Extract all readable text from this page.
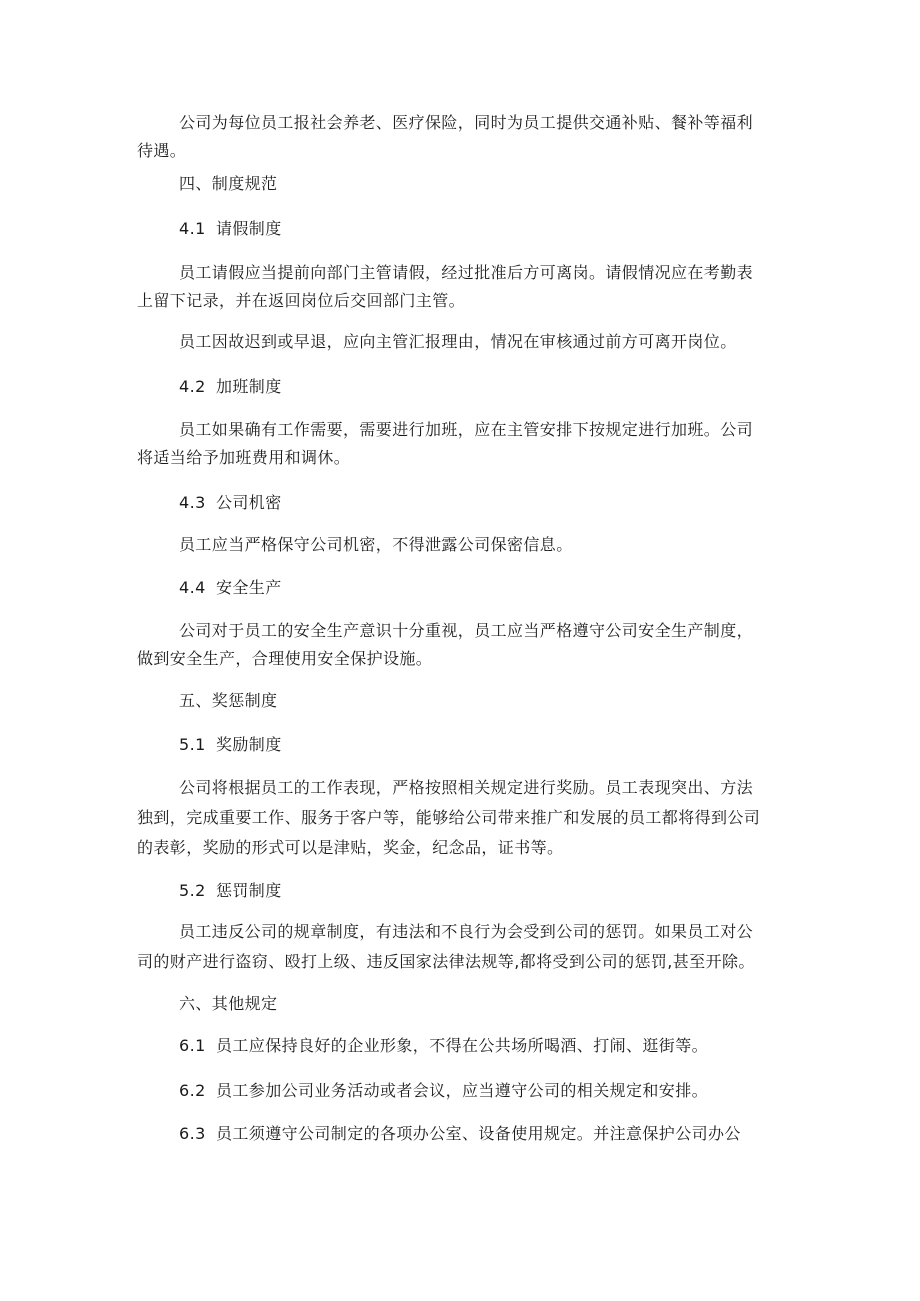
公司为每位员工报社会养老、医疗保险，同时为员工提供交通补贴、餐补等福利
待遇。

四、制度规范

4.1 请假制度

员工请假应当提前向部门主管请假，经过批准后方可离岗。请假情况应在考勤表
上留下记录，并在返回岗位后交回部门主管。

员工因故迟到或早退，应向主管汇报理由，情况在审核通过前方可离开岗位。

4.2 加班制度

员工如果确有工作需要，需要进行加班，应在主管安排下按规定进行加班。公司
将适当给予加班费用和调休。

4.3 公司机密

员工应当严格保守公司机密，不得泄露公司保密信息。

4.4 安全生产

公司对于员工的安全生产意识十分重视，员工应当严格遵守公司安全生产制度，
做到安全生产，合理使用安全保护设施。

五、奖惩制度

5.1 奖励制度

公司将根据员工的工作表现，严格按照相关规定进行奖励。员工表现突出、方法
独到，完成重要工作、服务于客户等，能够给公司带来推广和发展的员工都将得到公司
的表彰，奖励的形式可以是津贴，奖金，纪念品，证书等。

5.2 惩罚制度

员工违反公司的规章制度，有违法和不良行为会受到公司的惩罚。如果员工对公
司的财产进行盗窃、殴打上级、违反国家法律法规等,都将受到公司的惩罚,甚至开除。

六、其他规定

6.1 员工应保持良好的企业形象，不得在公共场所喝酒、打闹、逛街等。

6.2 员工参加公司业务活动或者会议，应当遵守公司的相关规定和安排。

6.3 员工须遵守公司制定的各项办公室、设备使用规定。并注意保护公司办公
